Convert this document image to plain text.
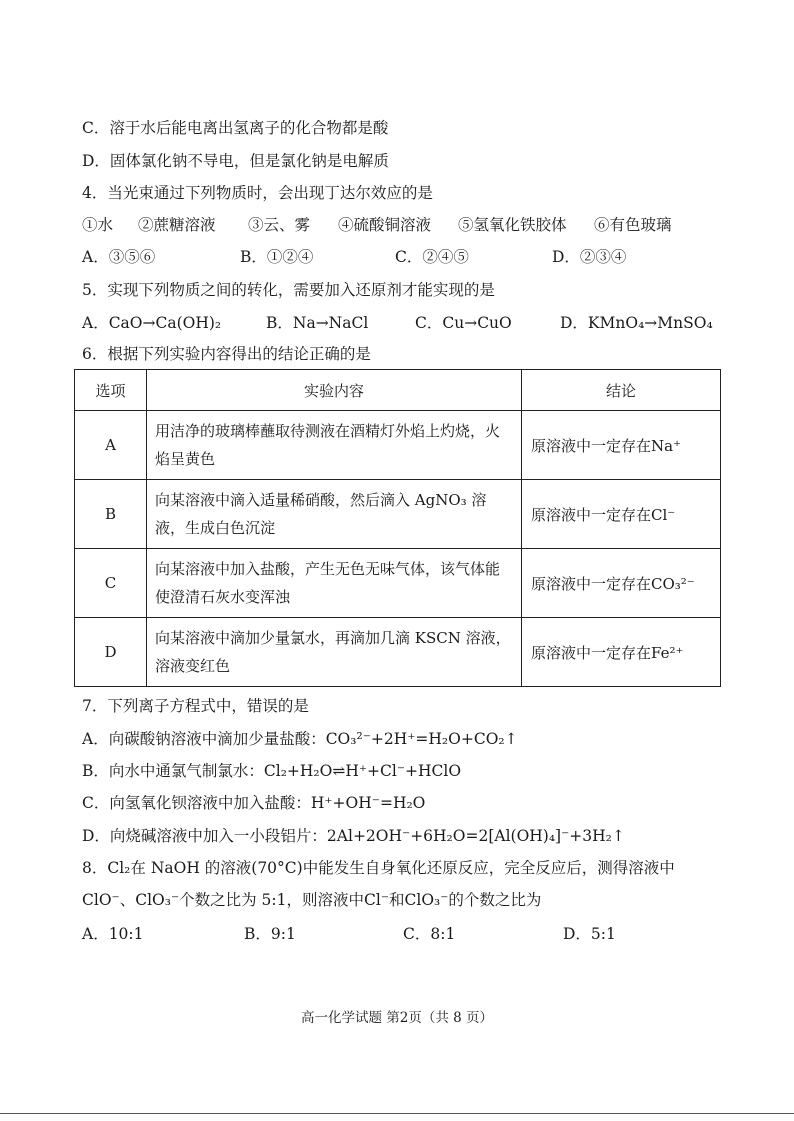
C．溶于水后能电离出氢离子的化合物都是酸
D．固体氯化钠不导电，但是氯化钠是电解质
4．当光束通过下列物质时，会出现丁达尔效应的是
①水 ②蔗糖溶液 ③云、雾 ④硫酸铜溶液 ⑤氢氧化铁胶体 ⑥有色玻璃
A．③⑤⑥	B．①②④	C．②④⑤	D．②③④
5．实现下列物质之间的转化，需要加入还原剂才能实现的是
A．CaO→Ca(OH)₂	B．Na→NaCl	C．Cu→CuO	D．KMnO₄→MnSO₄
6．根据下列实验内容得出的结论正确的是
选项	实验内容	结论
A	用洁净的玻璃棒蘸取待测液在酒精灯外焰上灼烧，火焰呈黄色	原溶液中一定存在Na⁺
B	向某溶液中滴入适量稀硝酸，然后滴入 AgNO₃ 溶液，生成白色沉淀	原溶液中一定存在Cl⁻
C	向某溶液中加入盐酸，产生无色无味气体，该气体能使澄清石灰水变浑浊	原溶液中一定存在CO₃²⁻
D	向某溶液中滴加少量氯水，再滴加几滴 KSCN 溶液，溶液变红色	原溶液中一定存在Fe²⁺
7．下列离子方程式中，错误的是
A．向碳酸钠溶液中滴加少量盐酸：CO₃²⁻+2H⁺=H₂O+CO₂↑
B．向水中通氯气制氯水：Cl₂+H₂O⇌H⁺+Cl⁻+HClO
C．向氢氧化钡溶液中加入盐酸：H⁺+OH⁻=H₂O
D．向烧碱溶液中加入一小段铝片：2Al+2OH⁻+6H₂O=2[Al(OH)₄]⁻+3H₂↑
8．Cl₂在 NaOH 的溶液(70°C)中能发生自身氧化还原反应，完全反应后，测得溶液中
ClO⁻、ClO₃⁻个数之比为 5:1，则溶液中Cl⁻和ClO₃⁻的个数之比为
A．10:1	B．9:1	C．8:1	D．5:1
高一化学试题 第2页（共 8 页）
